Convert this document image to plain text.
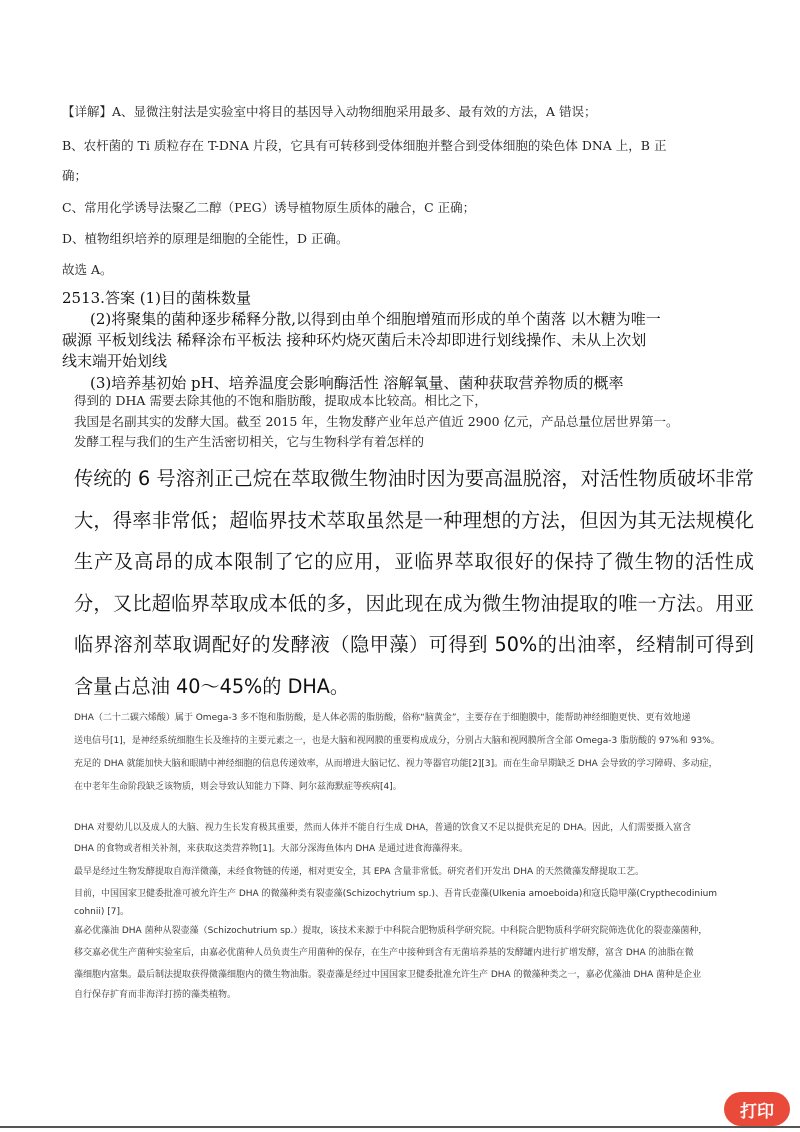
【详解】A、显微注射法是实验室中将目的基因导入动物细胞采用最多、最有效的方法，A 错误；

B、农杆菌的 Ti 质粒存在 T-DNA 片段，它具有可转移到受体细胞并整合到受体细胞的染色体 DNA 上，B 正

确；

C、常用化学诱导法聚乙二醇（PEG）诱导植物原生质体的融合，C 正确；

D、植物组织培养的原理是细胞的全能性，D 正确。

故选 A。

2513.答案 (1)目的菌株数量

(2)将聚集的菌种逐步稀释分散,以得到由单个细胞增殖而形成的单个菌落 以木糖为唯一

碳源 平板划线法 稀释涂布平板法 接种环灼烧灭菌后未冷却即进行划线操作、未从上次划

线末端开始划线

(3)培养基初始 pH、培养温度会影响酶活性 溶解氧量、菌种获取营养物质的概率

得到的 DHA 需要去除其他的不饱和脂肪酸，提取成本比较高。相比之下，

我国是名副其实的发酵大国。截至 2015 年，生物发酵产业年总产值近 2900 亿元，产品总量位居世界第一。

发酵工程与我们的生产生活密切相关，它与生物科学有着怎样的

传统的 6 号溶剂正己烷在萃取微生物油时因为要高温脱溶，对活性物质破坏非常大，得率非常低；超临界技术萃取虽然是一种理想的方法，但因为其无法规模化生产及高昂的成本限制了它的应用，亚临界萃取很好的保持了微生物的活性成分，又比超临界萃取成本低的多，因此现在成为微生物油提取的唯一方法。用亚临界溶剂萃取调配好的发酵液（隐甲藻）可得到 50%的出油率，经精制可得到含量占总油 40～45%的 DHA。

DHA（二十二碳六烯酸）属于 Omega-3 多不饱和脂肪酸，是人体必需的脂肪酸，俗称“脑黄金”，主要存在于细胞膜中，能帮助神经细胞更快、更有效地递

送电信号[1]，是神经系统细胞生长及维持的主要元素之一，也是大脑和视网膜的重要构成成分，分别占大脑和视网膜所含全部 Omega-3 脂肪酸的 97%和 93%。

充足的 DHA 就能加快大脑和眼睛中神经细胞的信息传递效率，从而增进大脑记忆、视力等器官功能[2][3]。而在生命早期缺乏 DHA 会导致的学习障碍、多动症，

在中老年生命阶段缺乏该物质，则会导致认知能力下降、阿尔兹海默症等疾病[4]。

DHA 对婴幼儿以及成人的大脑、视力生长发育极其重要，然而人体并不能自行生成 DHA，普通的饮食又不足以提供充足的 DHA。因此，人们需要摄入富含

DHA 的食物或者相关补剂，来获取这类营养物[1]。大部分深海鱼体内 DHA 是通过进食海藻得来。

最早是经过生物发酵提取自海洋微藻，未经食物链的传递，相对更安全，其 EPA 含量非常低。研究者们开发出 DHA 的天然微藻发酵提取工艺。

目前，中国国家卫健委批准可被允许生产 DHA 的微藻种类有裂壶藻(Schizochytrium sp.)、吾肯氏壶藻(Ulkenia amoeboida)和寇氏隐甲藻(Crypthecodinium

cohnii) [7]。

嘉必优藻油 DHA 菌种从裂壶藻（Schizochutrium sp.）提取，该技术来源于中科院合肥物质科学研究院。中科院合肥物质科学研究院筛选优化的裂壶藻菌种，

移交嘉必优生产菌种实验室后，由嘉必优菌种人员负责生产用菌种的保存，在生产中接种到含有无菌培养基的发酵罐内进行扩增发酵，富含 DHA 的油脂在微

藻细胞内富集。最后制法提取获得微藻细胞内的微生物油脂。裂壶藻是经过中国国家卫健委批准允许生产 DHA 的微藻种类之一，嘉必优藻油 DHA 菌种是企业

自行保存扩育而非海洋打捞的藻类植物。

打印
